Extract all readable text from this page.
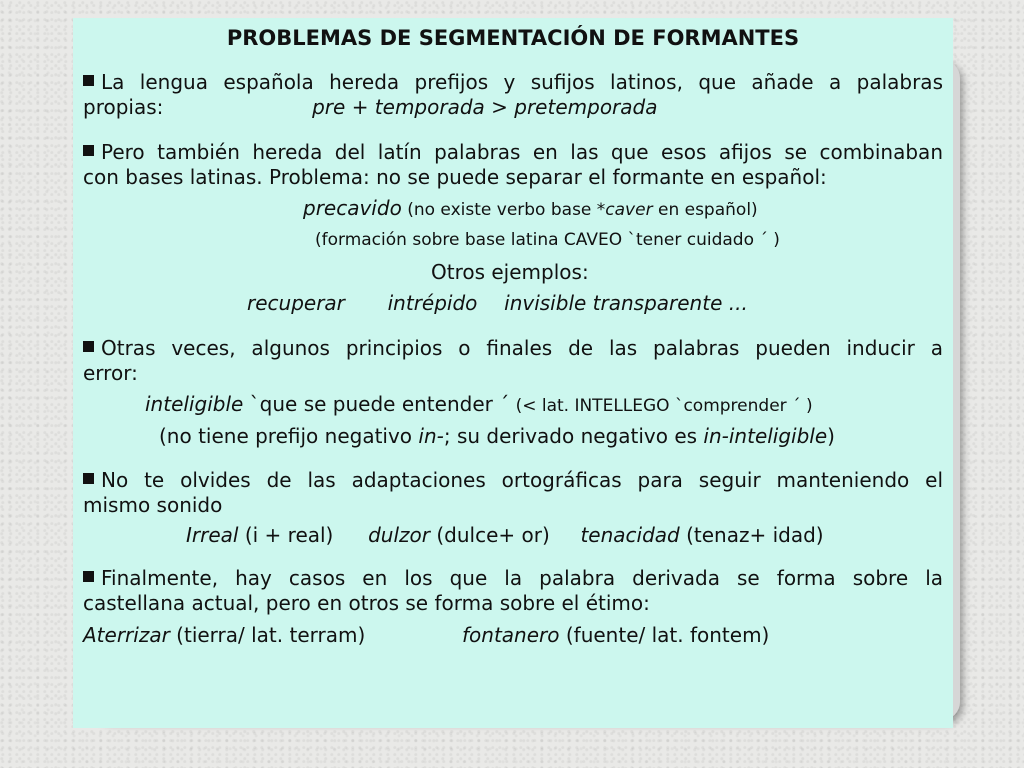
PROBLEMAS DE SEGMENTACIÓN DE FORMANTES
La lengua española hereda prefijos y sufijos latinos, que añade a palabras
propias:	pre + temporada > pretemporada
Pero también hereda del latín palabras en las que esos afijos se combinaban
con bases latinas. Problema: no se puede separar el formante en español:
precavido (no existe verbo base *caver en español)
(formación sobre base latina CAVEO `tener cuidado ´ )
Otros ejemplos:
recuperar intrépido invisible transparente ...
Otras veces, algunos principios o finales de las palabras pueden inducir a
error:
inteligible `que se puede entender ´ (< lat. INTELLEGO `comprender ´ )
(no tiene prefijo negativo in-; su derivado negativo es in-inteligible)
No te olvides de las adaptaciones ortográficas para seguir manteniendo el
mismo sonido
Irreal (i + real) dulzor (dulce+ or) tenacidad (tenaz+ idad)
Finalmente, hay casos en los que la palabra derivada se forma sobre la
castellana actual, pero en otros se forma sobre el étimo:
Aterrizar (tierra/ lat. terram)	fontanero (fuente/ lat. fontem)
